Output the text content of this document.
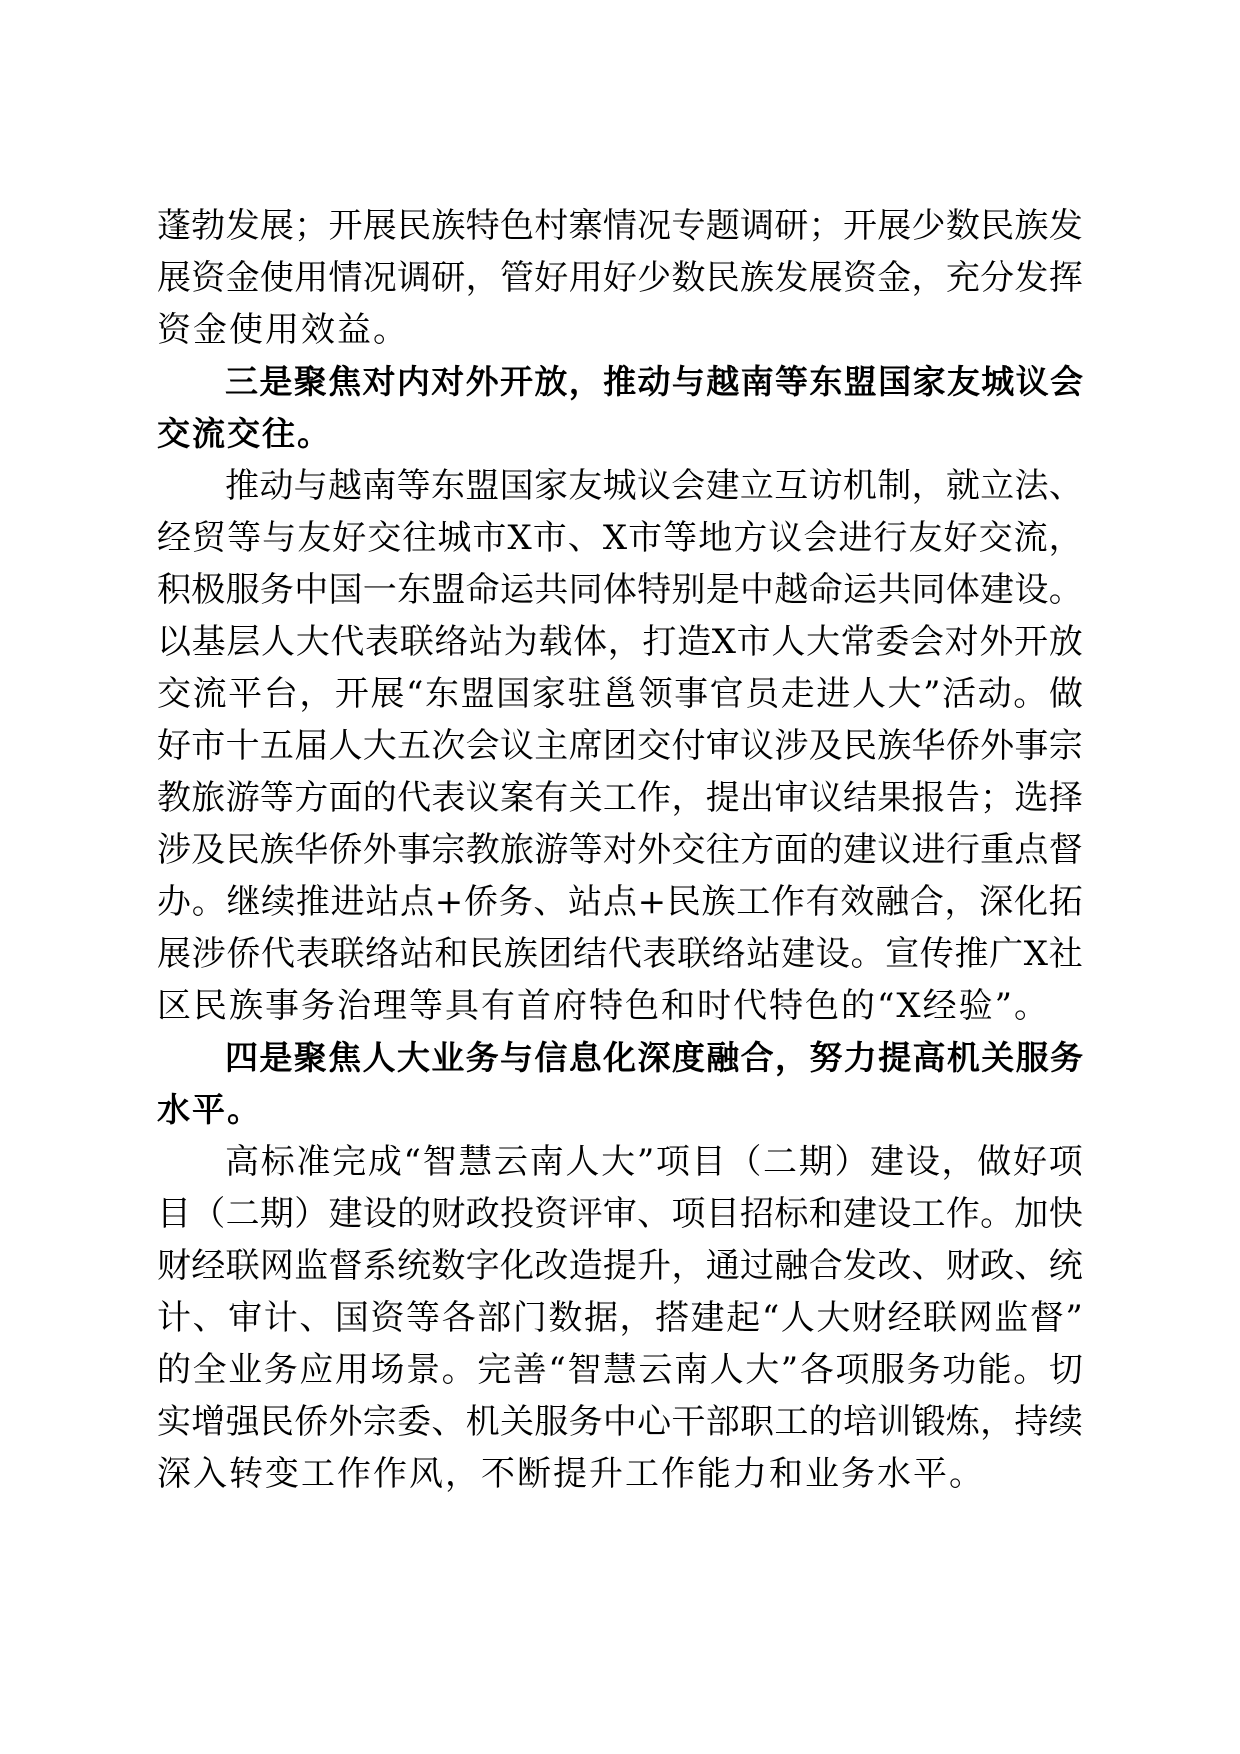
蓬 勃 发 展 ； 开 展 民 族 特 色 村 寨 情 况 专 题 调 研 ； 开 展 少 数 民 族 发
展 资 金 使 用 情 况 调 研 ， 管 好 用 好 少 数 民 族 发 展 资 金 ， 充 分 发 挥
资金使用效益。
三 是 聚 焦 对 内 对 外 开 放 ， 推 动 与 越 南 等 东 盟 国 家 友 城 议 会
交流交往。
推 动 与 越 南 等 东 盟 国 家 友 城 议 会 建 立 互 访 机 制 ， 就 立 法 、
经 贸 等 与 友 好 交 往 城 市 X 市 、 X 市 等 地 方 议 会 进 行 友 好 交 流 ，
积 极 服 务 中 国 一 东 盟 命 运 共 同 体 特 别 是 中 越 命 运 共 同 体 建 设 。
以 基 层 人 大 代 表 联 络 站 为 载 体 ， 打 造 X 市 人 大 常 委 会 对 外 开 放
交 流 平 台 ， 开 展 “ 东 盟 国 家 驻 邕 领 事 官 员 走 进 人 大 ” 活 动 。 做
好 市 十 五 届 人 大 五 次 会 议 主 席 团 交 付 审 议 涉 及 民 族 华 侨 外 事 宗
教 旅 游 等 方 面 的 代 表 议 案 有 关 工 作 ， 提 出 审 议 结 果 报 告 ； 选 择
涉 及 民 族 华 侨 外 事 宗 教 旅 游 等 对 外 交 往 方 面 的 建 议 进 行 重 点 督
办 。 继 续 推 进 站 点 + 侨 务 、 站 点 + 民 族 工 作 有 效 融 合 ， 深 化 拓
展 涉 侨 代 表 联 络 站 和 民 族 团 结 代 表 联 络 站 建 设 。 宣 传 推 广 X 社
区民族事务治理等具有首府特色和时代特色的“X经验”。
四 是 聚 焦 人 大 业 务 与 信 息 化 深 度 融 合 ， 努 力 提 高 机 关 服 务
水平。
高 标 准 完 成 “ 智 慧 云 南 人 大 ” 项 目 （ 二 期 ） 建 设 ， 做 好 项
目 （ 二 期 ） 建 设 的 财 政 投 资 评 审 、 项 目 招 标 和 建 设 工 作 。 加 快
财 经 联 网 监 督 系 统 数 字 化 改 造 提 升 ， 通 过 融 合 发 改 、 财 政 、 统
计 、 审 计 、 国 资 等 各 部 门 数 据 ， 搭 建 起 “ 人 大 财 经 联 网 监 督 ”
的 全 业 务 应 用 场 景 。 完 善 “ 智 慧 云 南 人 大 ” 各 项 服 务 功 能 。 切
实 增 强 民 侨 外 宗 委 、 机 关 服 务 中 心 干 部 职 工 的 培 训 锻 炼 ， 持 续
深入转变工作作风，不断提升工作能力和业务水平。
